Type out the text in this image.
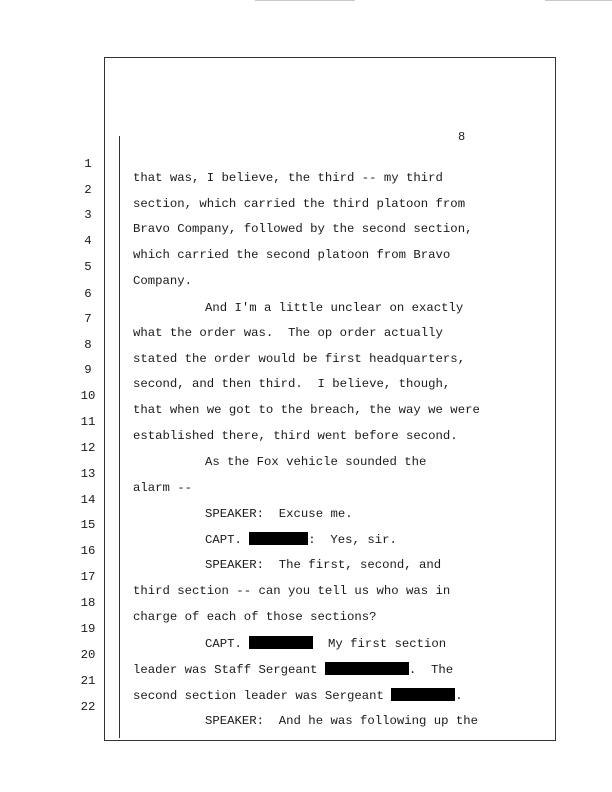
8

1

that was, I believe, the third -- my third

2

section, which carried the third platoon from

3

Bravo Company, followed by the second section,

4

which carried the second platoon from Bravo

5

Company.

6

And I'm a little unclear on exactly

7

what the order was.  The op order actually

8

stated the order would be first headquarters,

9

second, and then third.  I believe, though,

10

that when we got to the breach, the way we were

11

established there, third went before second.

12

As the Fox vehicle sounded the

13

alarm --

14

SPEAKER:  Excuse me.

15

CAPT.	:  Yes, sir.

16

SPEAKER:  The first, second, and

17

third section -- can you tell us who was in

18

charge of each of those sections?

19

CAPT.	My first section

20

leader was Staff Sergeant	.  The

21

second section leader was Sergeant	.

22

SPEAKER:  And he was following up the
